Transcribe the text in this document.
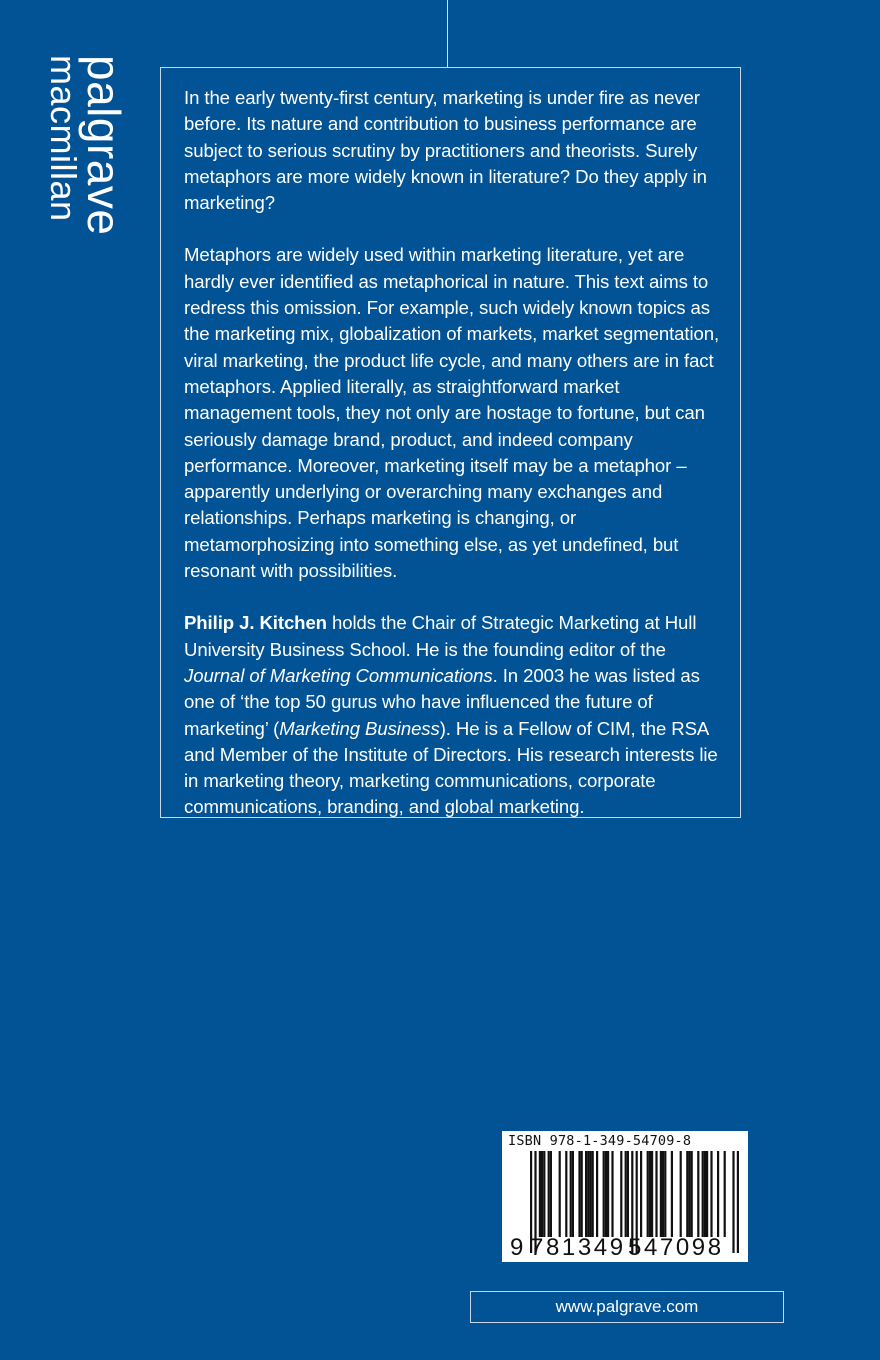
palgrave
macmillan	In the early twenty-first century, marketing is under fire as never before. Its nature and contribution to business performance are subject to serious scrutiny by practitioners and theorists. Surely metaphors are more widely known in literature? Do they apply in marketing?

Metaphors are widely used within marketing literature, yet are hardly ever identified as metaphorical in nature. This text aims to redress this omission. For example, such widely known topics as the marketing mix, globalization of markets, market segmentation, viral marketing, the product life cycle, and many others are in fact metaphors. Applied literally, as straightforward market management tools, they not only are hostage to fortune, but can seriously damage brand, product, and indeed company performance. Moreover, marketing itself may be a metaphor – apparently underlying or overarching many exchanges and relationships. Perhaps marketing is changing, or metamorphosizing into something else, as yet undefined, but resonant with possibilities.

Philip J. Kitchen holds the Chair of Strategic Marketing at Hull University Business School. He is the founding editor of the Journal of Marketing Communications. In 2003 he was listed as one of ‘the top 50 gurus who have influenced the future of marketing’ (Marketing Business). He is a Fellow of CIM, the RSA and Member of the Institute of Directors. His research interests lie in marketing theory, marketing communications, corporate communications, branding, and global marketing.

ISBN 978-1-349-54709-8
9 781349 547098
www.palgrave.com
